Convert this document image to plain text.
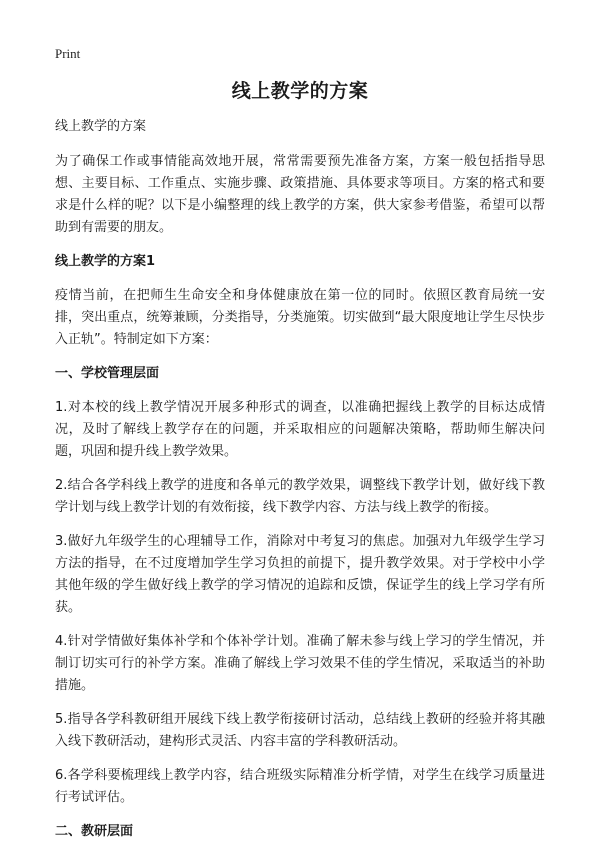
Print
线上教学的方案

线上教学的方案

为了确保工作或事情能高效地开展，常常需要预先准备方案，方案一般包括指导思想、主要目标、工作重点、实施步骤、政策措施、具体要求等项目。方案的格式和要求是什么样的呢？以下是小编整理的线上教学的方案，供大家参考借鉴，希望可以帮助到有需要的朋友。

线上教学的方案1

疫情当前，在把师生生命安全和身体健康放在第一位的同时。依照区教育局统一安排，突出重点，统筹兼顾，分类指导，分类施策。切实做到“最大限度地让学生尽快步入正轨”。特制定如下方案：

一、学校管理层面

1.对本校的线上教学情况开展多种形式的调查，以准确把握线上教学的目标达成情况，及时了解线上教学存在的问题，并采取相应的问题解决策略，帮助师生解决问题，巩固和提升线上教学效果。

2.结合各学科线上教学的进度和各单元的教学效果，调整线下教学计划，做好线下教学计划与线上教学计划的有效衔接，线下教学内容、方法与线上教学的衔接。

3.做好九年级学生的心理辅导工作，消除对中考复习的焦虑。加强对九年级学生学习方法的指导，在不过度增加学生学习负担的前提下，提升教学效果。对于学校中小学其他年级的学生做好线上教学的学习情况的追踪和反馈，保证学生的线上学习学有所获。

4.针对学情做好集体补学和个体补学计划。准确了解未参与线上学习的学生情况，并制订切实可行的补学方案。准确了解线上学习效果不佳的学生情况，采取适当的补助措施。

5.指导各学科教研组开展线下线上教学衔接研讨活动，总结线上教研的经验并将其融入线下教研活动，建构形式灵活、内容丰富的学科教研活动。

6.各学科要梳理线上教学内容，结合班级实际精准分析学情，对学生在线学习质量进行考试评估。

二、教研层面
